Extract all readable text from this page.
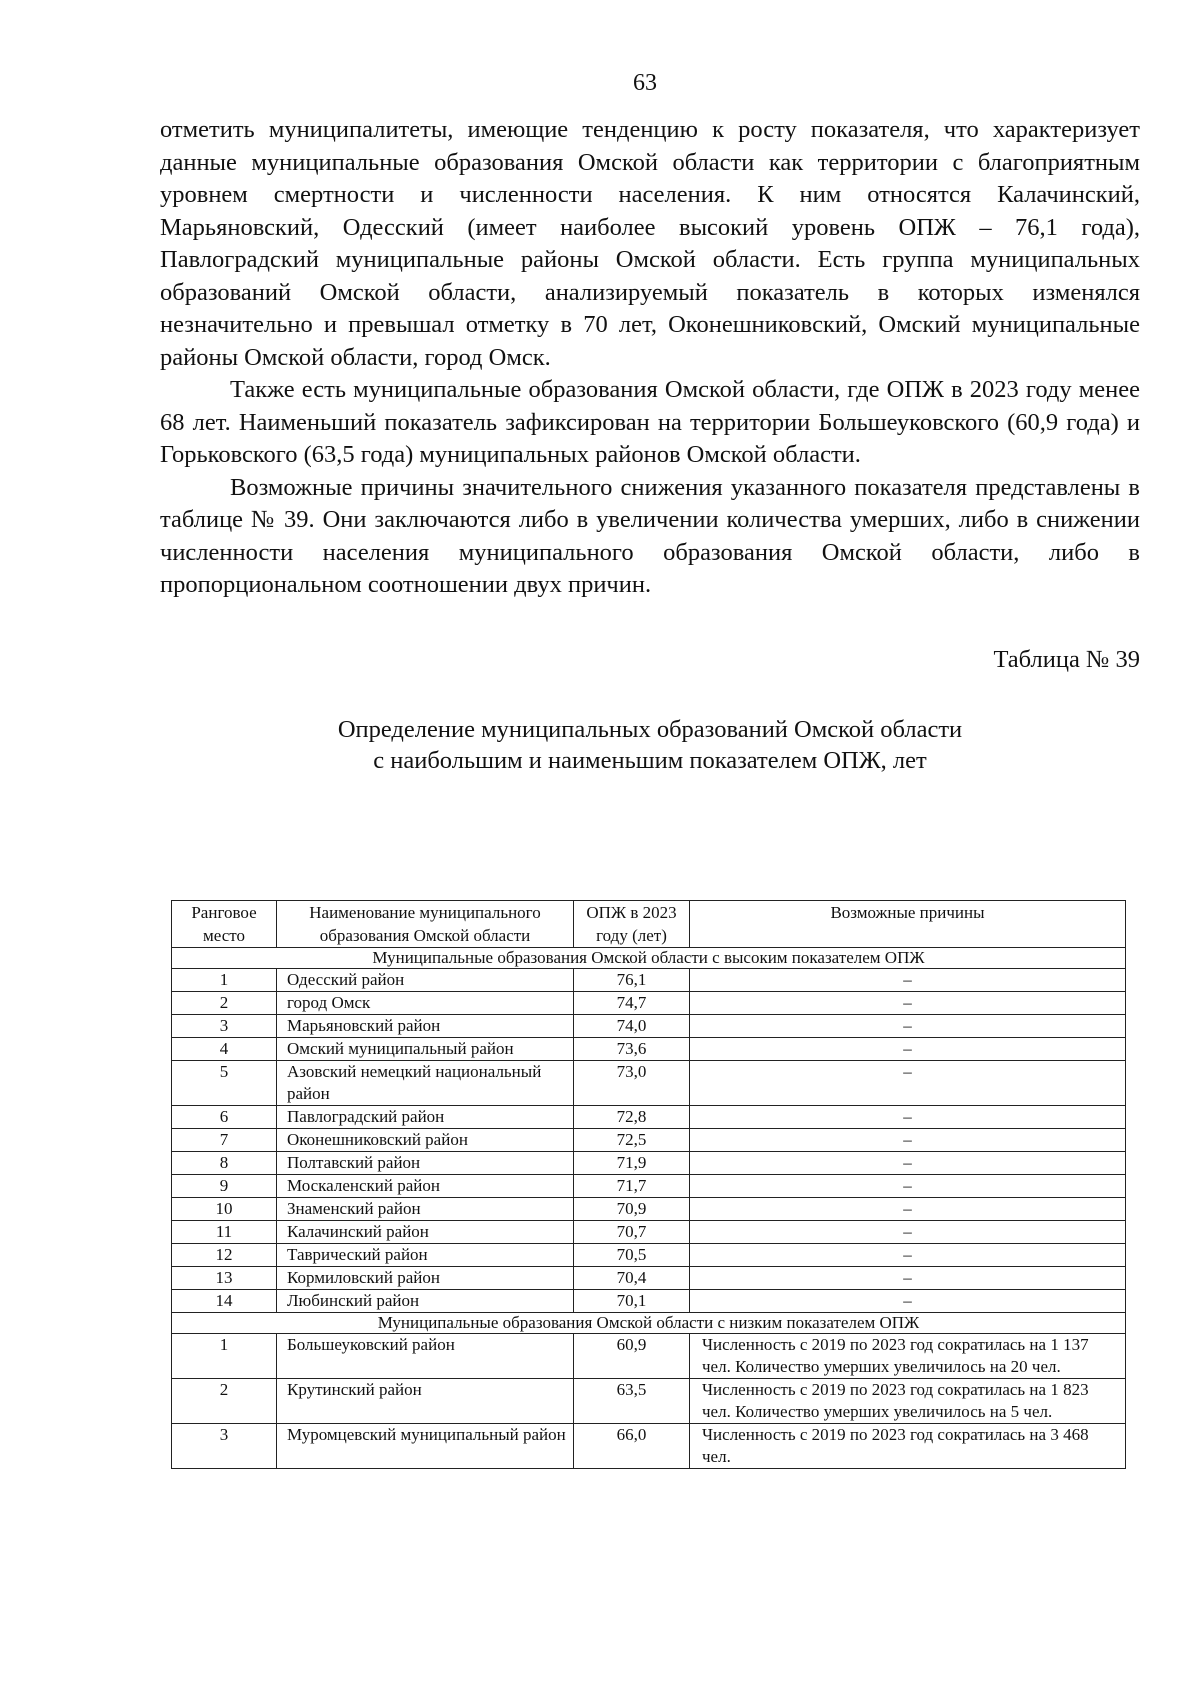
63

отметить муниципалитеты, имеющие тенденцию к росту показателя, что характеризует данные муниципальные образования Омской области как территории с благоприятным уровнем смертности и численности населения. К ним относятся Калачинский, Марьяновский, Одесский (имеет наиболее высокий уровень ОПЖ – 76,1 года), Павлоградский муниципальные районы Омской области. Есть группа муниципальных образований Омской области, анализируемый показатель в которых изменялся незначительно и превышал отметку в 70 лет, Оконешниковский, Омский муниципальные районы Омской области, город Омск.

Также есть муниципальные образования Омской области, где ОПЖ в 2023 году менее 68 лет. Наименьший показатель зафиксирован на территории Большеуковского (60,9 года) и Горьковского (63,5 года) муниципальных районов Омской области.

Возможные причины значительного снижения указанного показателя представлены в таблице № 39. Они заключаются либо в увеличении количества умерших, либо в снижении численности населения муниципального образования Омской области, либо в пропорциональном соотношении двух причин.

Таблица № 39
Определение муниципальных образований Омской области
с наибольшим и наименьшим показателем ОПЖ, лет
Ранговое место	Наименование муниципального образования Омской области	ОПЖ в 2023 году (лет)	Возможные причины
Муниципальные образования Омской области с высоким показателем ОПЖ			
1	Одесский район	76,1	–
2	город Омск	74,7	–
3	Марьяновский район	74,0	–
4	Омский муниципальный район	73,6	–
5	Азовский немецкий национальный район	73,0	–
6	Павлоградский район	72,8	–
7	Оконешниковский район	72,5	–
8	Полтавский район	71,9	–
9	Москаленский район	71,7	–
10	Знаменский район	70,9	–
11	Калачинский район	70,7	–
12	Таврический район	70,5	–
13	Кормиловский район	70,4	–
14	Любинский район	70,1	–
Муниципальные образования Омской области с низким показателем ОПЖ			
1	Большеуковский район	60,9	Численность с 2019 по 2023 год сократилась на 1 137 чел. Количество умерших увеличилось на 20 чел.
2	Крутинский район	63,5	Численность с 2019 по 2023 год сократилась на 1 823 чел. Количество умерших увеличилось на 5 чел.
3	Муромцевский муниципальный район	66,0	Численность с 2019 по 2023 год сократилась на 3 468 чел.
